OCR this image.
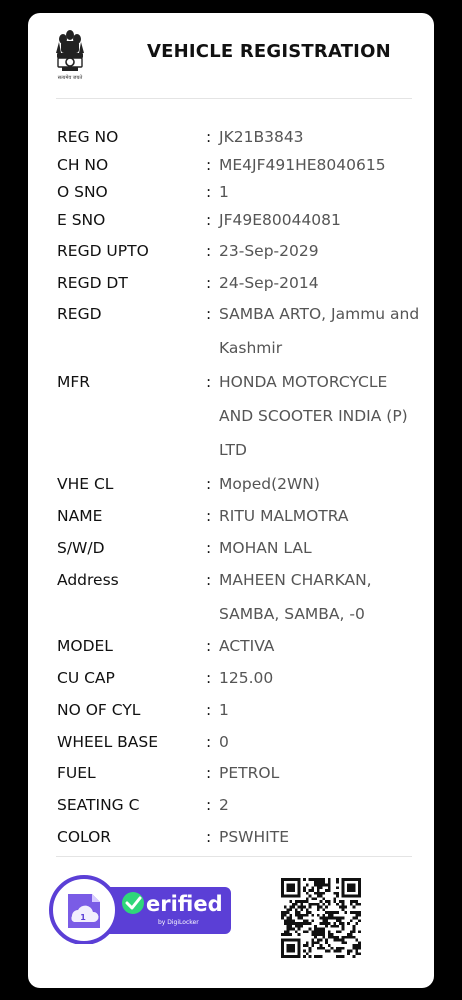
सत्यमेव जयते
VEHICLE REGISTRATION
REG NO	: JK21B3843
CH NO	: ME4JF491HE8040615
O SNO	: 1
E SNO	: JF49E80044081
REGD UPTO	: 23-Sep-2029
REGD DT	: 24-Sep-2014
REGD	: SAMBA ARTO, Jammu and Kashmir
MFR	: HONDA MOTORCYCLE AND SCOOTER INDIA (P) LTD
VHE CL	: Moped(2WN)
NAME	: RITU MALMOTRA
S/W/D	: MOHAN LAL
Address	: MAHEEN CHARKAN, SAMBA, SAMBA, -0
MODEL	: ACTIVA
CU CAP	: 125.00
NO OF CYL	: 1
WHEEL BASE	: 0
FUEL	: PETROL
SEATING C	: 2
COLOR	: PSWHITE
1
erified
by DigiLocker
